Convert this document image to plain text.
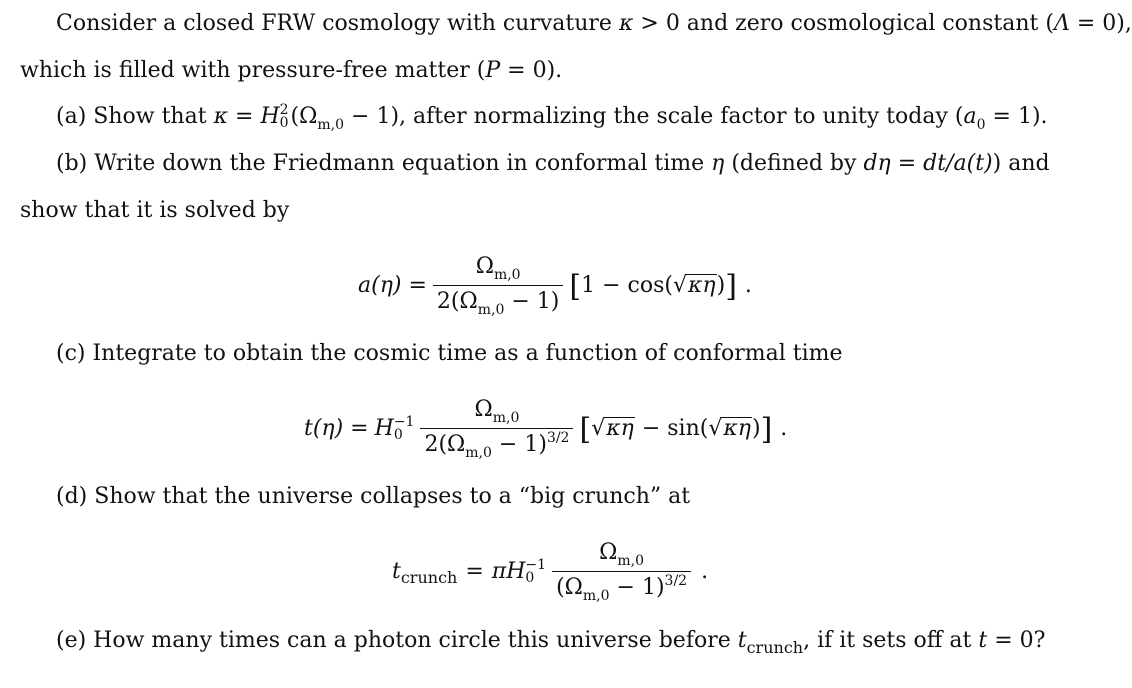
Consider a closed FRW cosmology with curvature κ > 0 and zero cosmological constant (Λ = 0),
which is filled with pressure-free matter (P = 0).
(a) Show that κ = H 2
0 $(\Omega_{m,0} - 1)$, after normalizing the scale factor to unity today $(a_0 = 1)$.
(b) Write down the Friedmann equation in conformal time η (defined by dη = dt/a(t)) and
show that it is solved by
$a(\eta) = \frac{\Omega_{m,0}}{2(\Omega_{m,0} - 1)}$ [ 1 − cos( √ κη ) ] .
(c) Integrate to obtain the cosmic time as a function of conformal time
t(η) = H −1
$0 \frac{\Omega_{m,0}}{2(\Omega_{m,0} - 1)^{3/2}}$ [ √ κη − sin( √ κη ) ] .
(d) Show that the universe collapses to a “big crunch” at
t crunch = π H −1
$0 \frac{\Omega_{m,0}}{(\Omega_{m,0} - 1)^{3/2}}$ .
(e) How many times can a photon circle this universe before $t_{crunch}$, if it sets off at t = 0?
